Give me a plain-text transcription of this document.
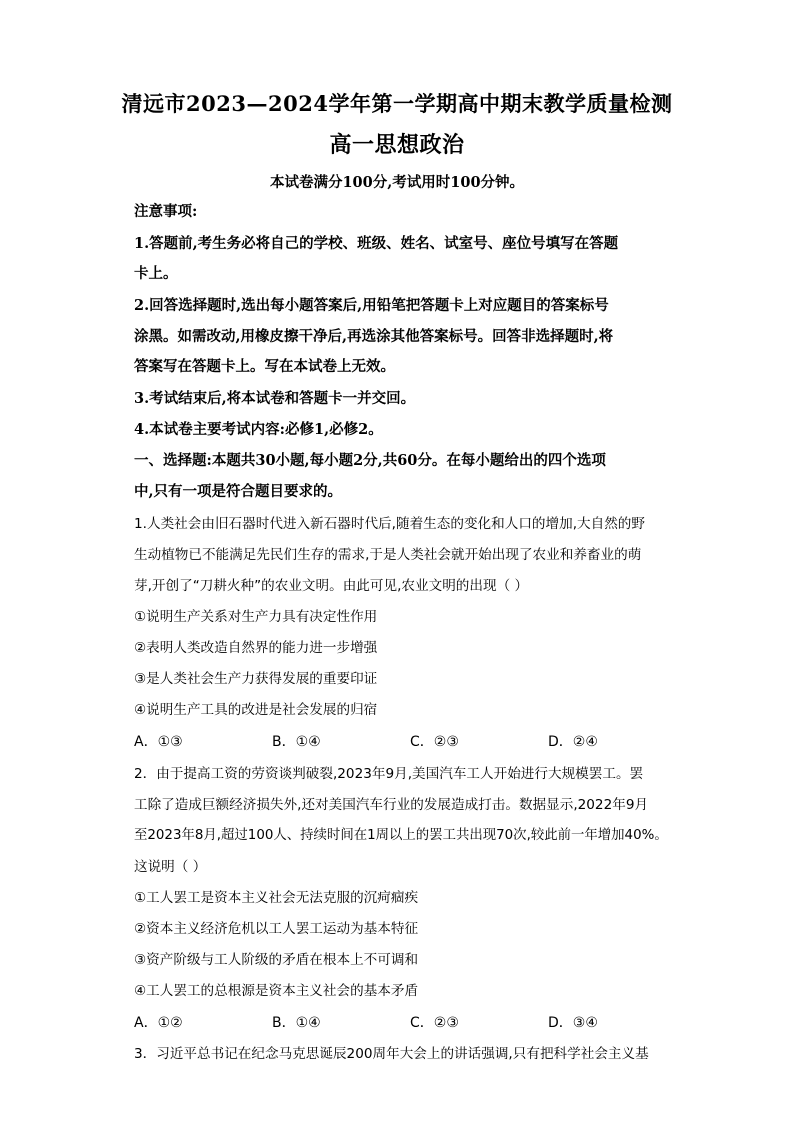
清远市2023—2024学年第一学期高中期末教学质量检测
高一思想政治
本试卷满分100分,考试用时100分钟。
注意事项:
1.答题前,考生务必将自己的学校、班级、姓名、试室号、座位号填写在答题
卡上。
2.回答选择题时,选出每小题答案后,用铅笔把答题卡上对应题目的答案标号
涂黑。如需改动,用橡皮擦干净后,再选涂其他答案标号。回答非选择题时,将
答案写在答题卡上。写在本试卷上无效。
3.考试结束后,将本试卷和答题卡一并交回。
4.本试卷主要考试内容:必修1,必修2。
一、选择题:本题共30小题,每小题2分,共60分。在每小题给出的四个选项
中,只有一项是符合题目要求的。
1.人类社会由旧石器时代进入新石器时代后,随着生态的变化和人口的增加,大自然的野
生动植物已不能满足先民们生存的需求,于是人类社会就开始出现了农业和养畜业的萌
芽,开创了“刀耕火种”的农业文明。由此可见,农业文明的出现（ ）
①说明生产关系对生产力具有决定性作用
②表明人类改造自然界的能力进一步增强
③是人类社会生产力获得发展的重要印证
④说明生产工具的改进是社会发展的归宿
A．①③	B．①④	C．②③	D．②④
2．由于提高工资的劳资谈判破裂,2023年9月,美国汽车工人开始进行大规模罢工。罢
工除了造成巨额经济损失外,还对美国汽车行业的发展造成打击。数据显示,2022年9月
至2023年8月,超过100人、持续时间在1周以上的罢工共出现70次,较此前一年增加40%。
这说明（ ）
①工人罢工是资本主义社会无法克服的沉疴痼疾
②资本主义经济危机以工人罢工运动为基本特征
③资产阶级与工人阶级的矛盾在根本上不可调和
④工人罢工的总根源是资本主义社会的基本矛盾
A．①②	B．①④	C．②③	D．③④
3．习近平总书记在纪念马克思诞辰200周年大会上的讲话强调,只有把科学社会主义基
